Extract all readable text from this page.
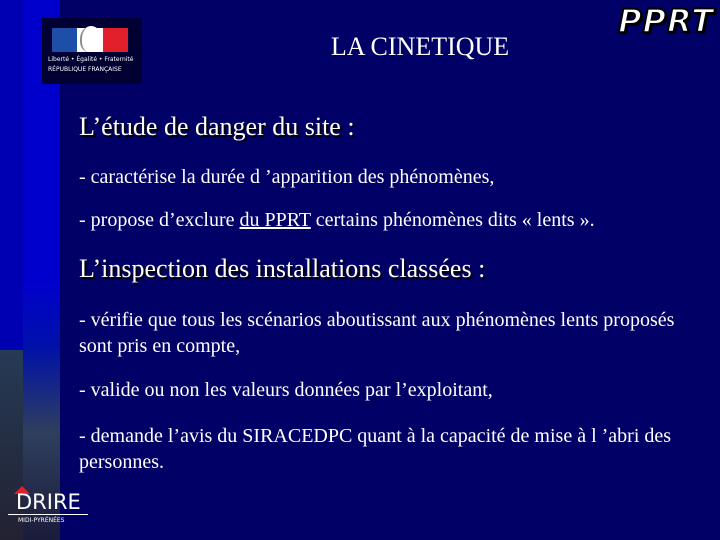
Liberté • Égalité • Fraternité
RÉPUBLIQUE FRANÇAISE
PPRT
LA CINETIQUE
L’étude de danger du site :
- caractérise la durée d ’apparition des phénomènes,
- propose d’exclure du PPRT certains phénomènes dits « lents ».
L’inspection des installations classées :
- vérifie que tous les scénarios aboutissant aux phénomènes lents proposés sont pris en compte,
- valide ou non les valeurs données par l’exploitant,
- demande l’avis du SIRACEDPC quant à la capacité de mise à l ’abri des personnes.
DRIRE
MIDI-PYRÉNÉES
